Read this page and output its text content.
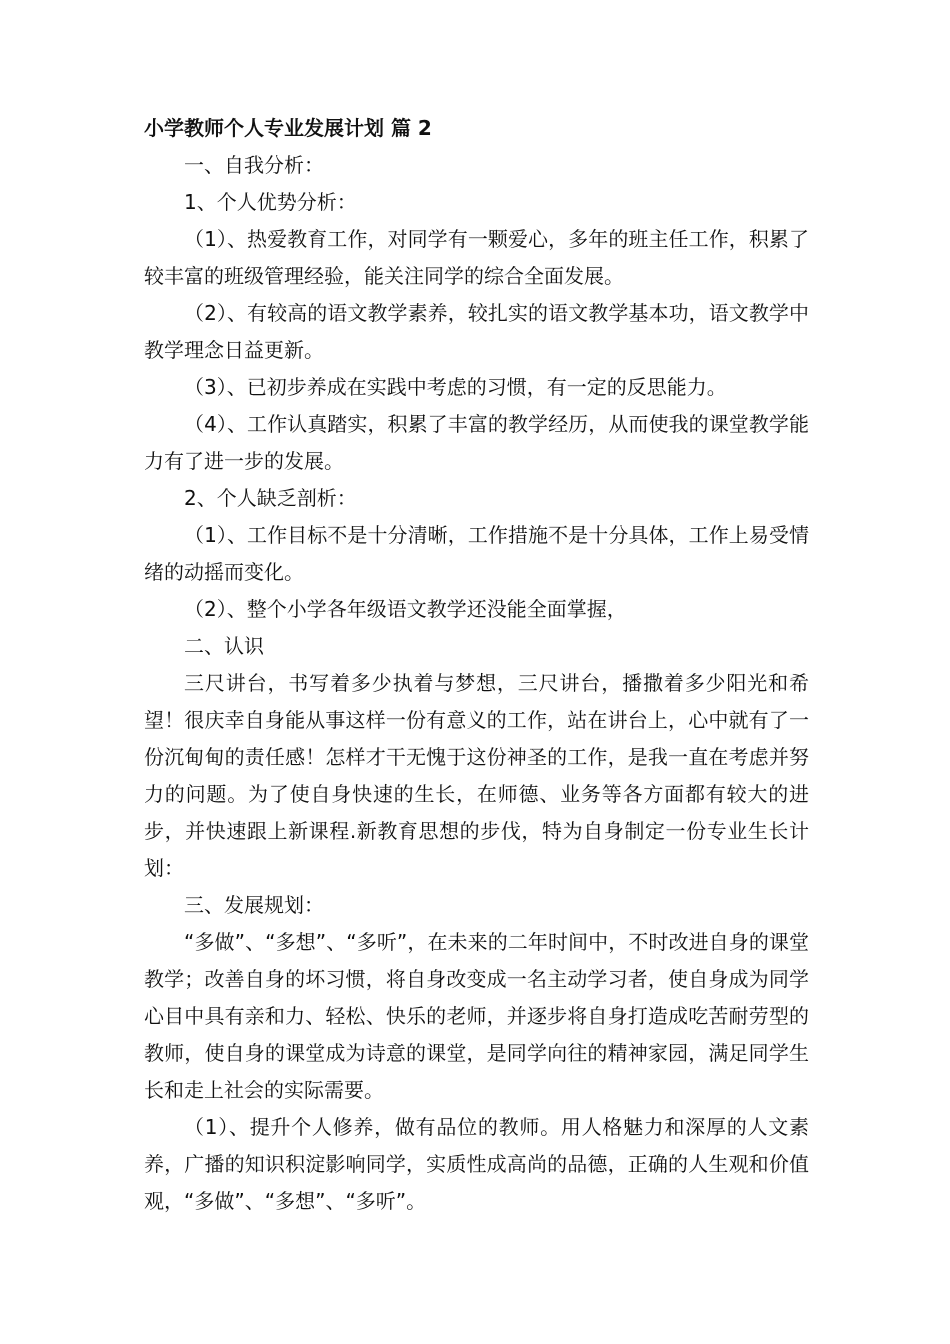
小学教师个人专业发展计划 篇 2

一、自我分析：

1、个人优势分析：

（1）、热爱教育工作，对同学有一颗爱心，多年的班主任工作，积累了较丰富的班级管理经验，能关注同学的综合全面发展。

（2）、有较高的语文教学素养，较扎实的语文教学基本功，语文教学中教学理念日益更新。

（3）、已初步养成在实践中考虑的习惯，有一定的反思能力。

（4）、工作认真踏实，积累了丰富的教学经历，从而使我的课堂教学能力有了进一步的发展。

2、个人缺乏剖析：

（1）、工作目标不是十分清晰，工作措施不是十分具体，工作上易受情绪的动摇而变化。

（2）、整个小学各年级语文教学还没能全面掌握，

二、认识

三尺讲台，书写着多少执着与梦想，三尺讲台，播撒着多少阳光和希望！很庆幸自身能从事这样一份有意义的工作，站在讲台上，心中就有了一份沉甸甸的责任感！怎样才干无愧于这份神圣的工作，是我一直在考虑并努力的问题。为了使自身快速的生长，在师德、业务等各方面都有较大的进步，并快速跟上新课程.新教育思想的步伐，特为自身制定一份专业生长计划：

三、发展规划：

“多做”、“多想”、“多听”，在未来的二年时间中，不时改进自身的课堂教学；改善自身的坏习惯，将自身改变成一名主动学习者，使自身成为同学心目中具有亲和力、轻松、快乐的老师，并逐步将自身打造成吃苦耐劳型的教师，使自身的课堂成为诗意的课堂，是同学向往的精神家园，满足同学生长和走上社会的实际需要。

（1）、提升个人修养，做有品位的教师。用人格魅力和深厚的人文素养，广播的知识积淀影响同学，实质性成高尚的品德，正确的人生观和价值观，“多做”、“多想”、“多听”。
